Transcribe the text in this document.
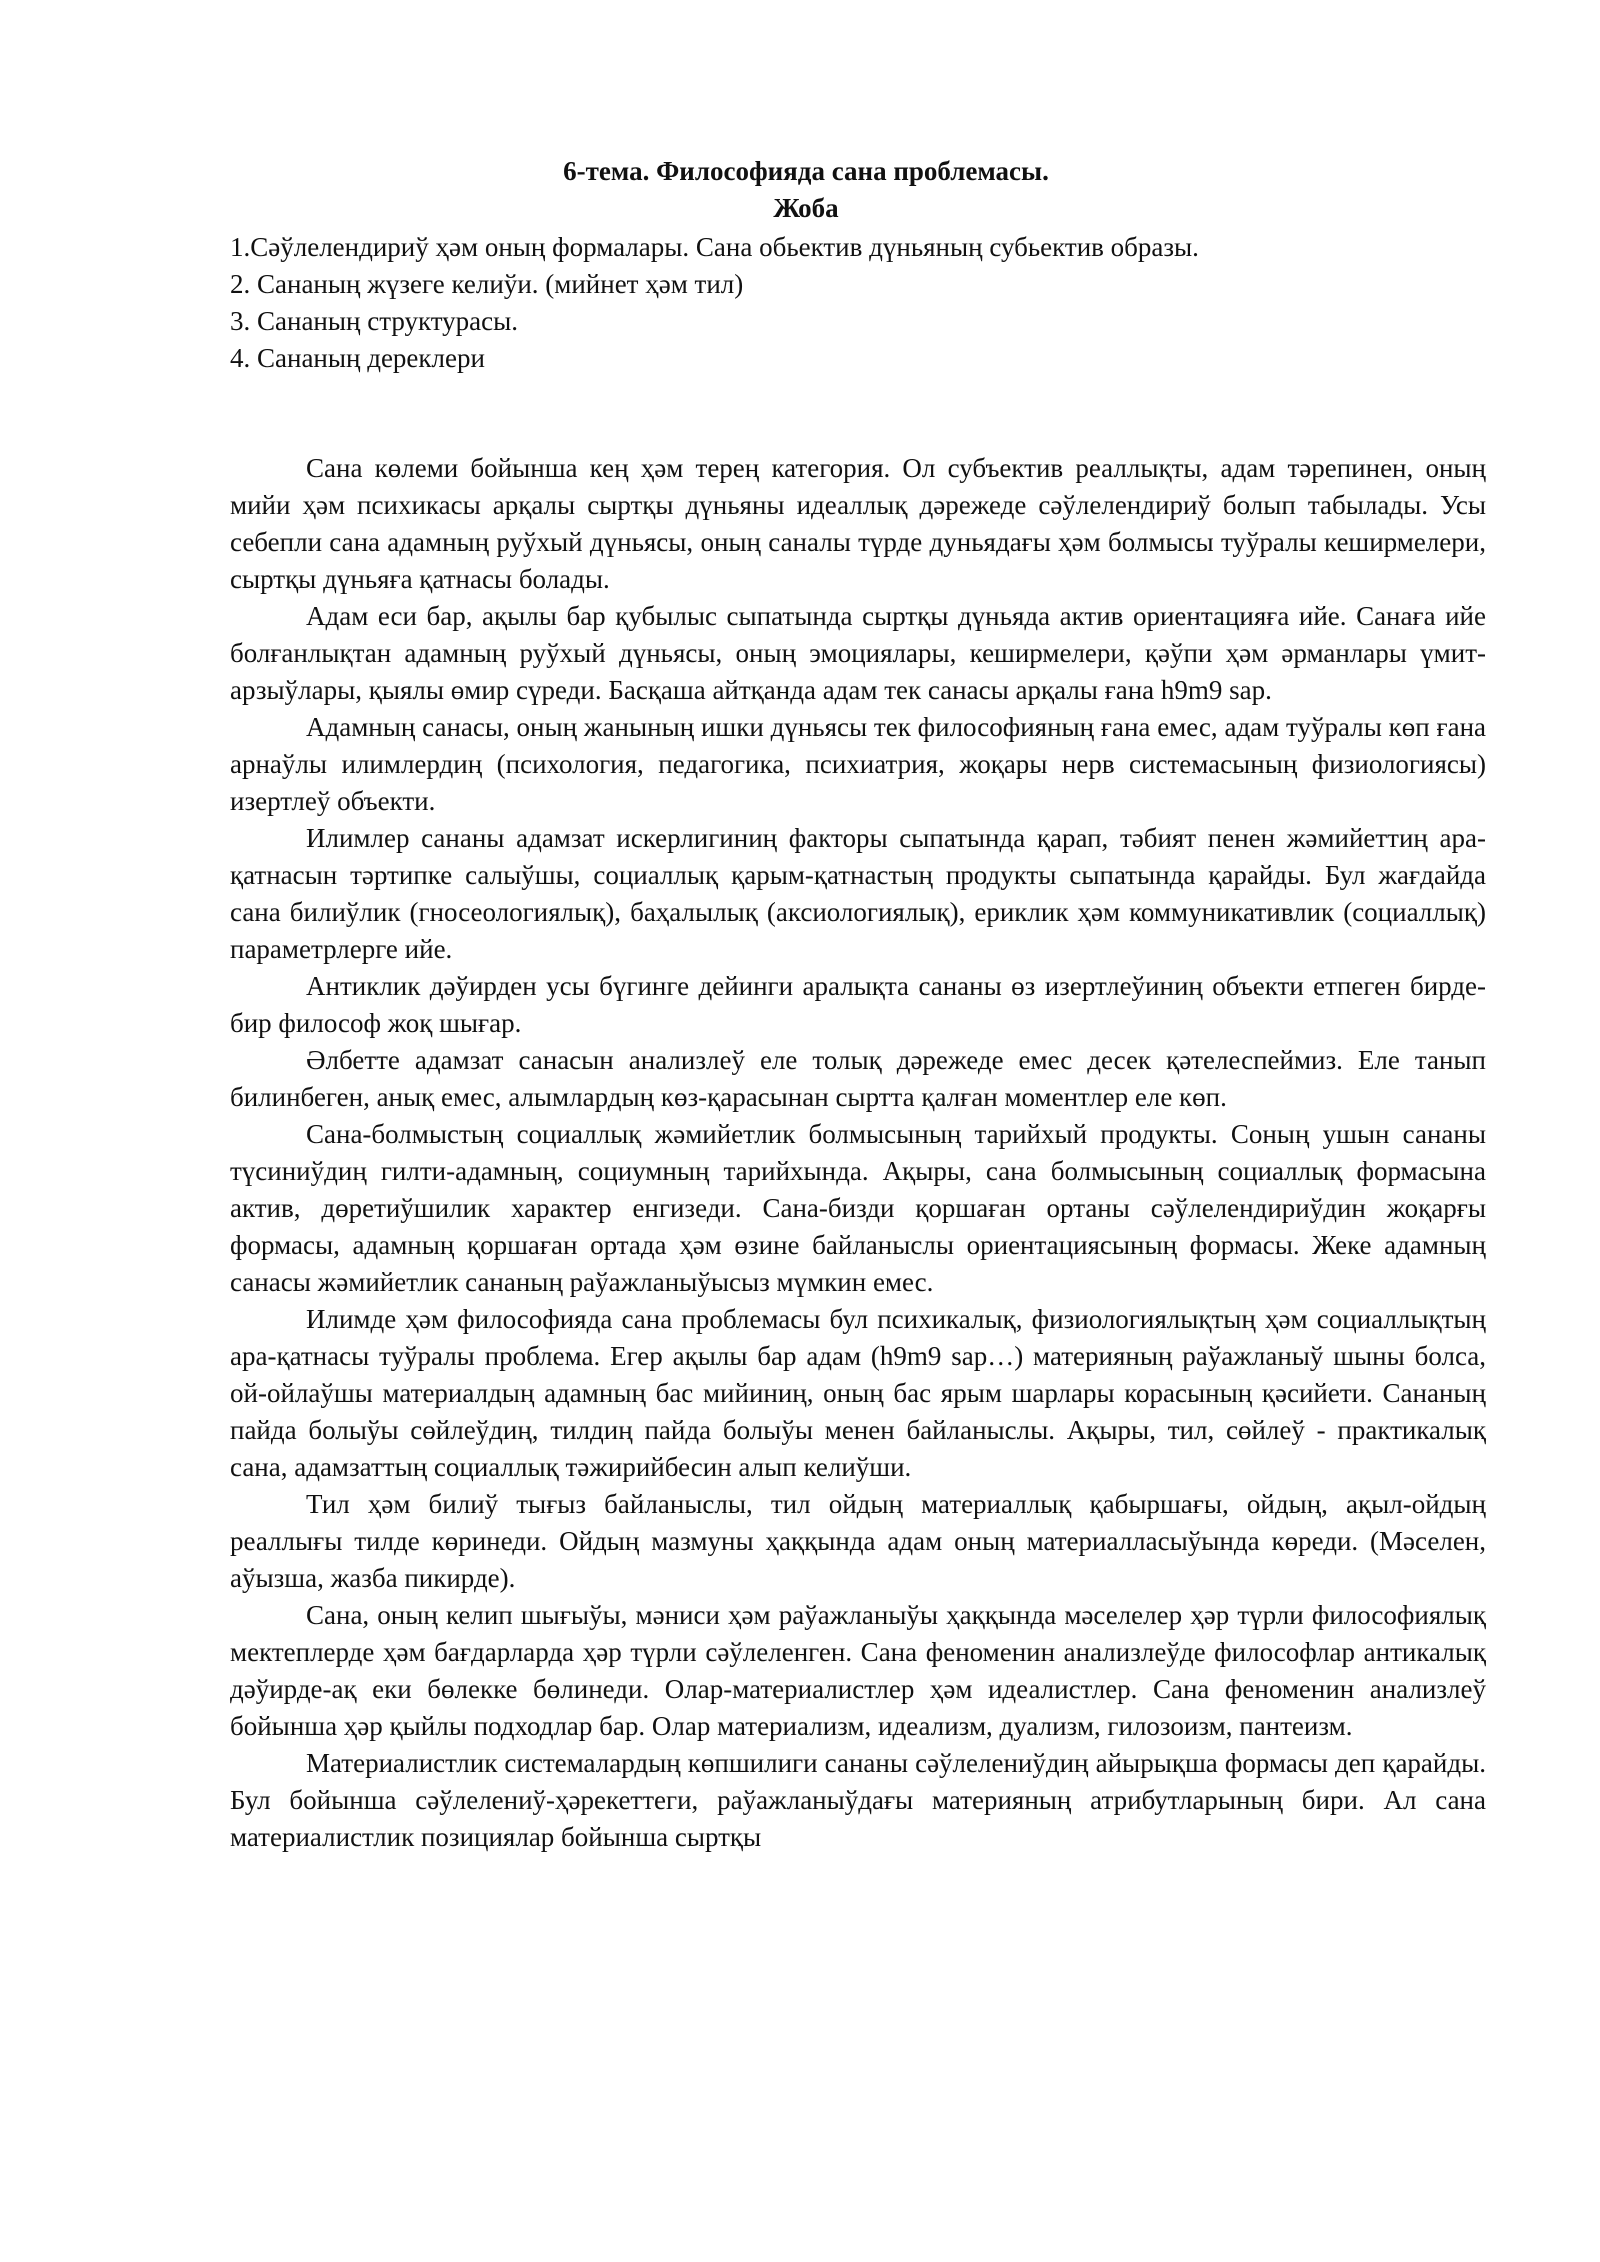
6-тема. Философияда сана проблемасы.
Жоба

1.Сәўлелендириў ҳәм оның формалары. Сана обьектив дүньяның субьектив образы.

2. Сананың жүзеге келиўи. (мийнет ҳәм тил)

3. Сананың структурасы.

4. Сананың дереклери

Сана көлеми бойынша кең ҳәм терең категория. Ол субъектив реаллықты, адам тәрепинен, оның мийи ҳәм психикасы арқалы сыртқы дүньяны идеаллық дәрежеде сәўлелендириў болып табылады. Усы себепли сана адамның руўхый дүньясы, оның саналы түрде дуньядағы ҳәм болмысы туўралы кеширмелери, сыртқы дүньяға қатнасы болады.

Адам еси бар, ақылы бар қубылыс сыпатында сыртқы дүньяда актив ориентацияға ийе. Санаға ийе болғанлықтан адамның руўхый дүньясы, оның эмоциялары, кеширмелери, қәўпи ҳәм әрманлары үмит-арзыўлары, қыялы өмир сүреди. Басқаша айтқанда адам тек санасы арқалы ғана h9m9 sap.

Адамның санасы, оның жанының ишки дүньясы тек философияның ғана емес, адам туўралы көп ғана арнаўлы илимлердиң (психология, педагогика, психиатрия, жоқары нерв системасының физиологиясы) изертлеў объекти.

Илимлер сананы адамзат искерлигиниң факторы сыпатында қарап, тәбият пенен жәмийеттиң ара-қатнасын тәртипке салыўшы, социаллық қарым-қатнастың продукты сыпатында қарайды. Бул жағдайда сана билиўлик (гносеологиялық), баҳалылық (аксиологиялық), ериклик ҳәм коммуникативлик (социаллық) параметрлерге ийе.

Антиклик дәўирден усы бүгинге дейинги аралықта сананы өз изертлеўиниң объекти етпеген бирде-бир философ жоқ шығар.

Әлбетте адамзат санасын анализлеў еле толық дәрежеде емес десек қәтелеспеймиз. Еле танып билинбеген, анық емес, алымлардың көз-қарасынан сыртта қалған моментлер еле көп.

Сана-болмыстың социаллық жәмийетлик болмысының тарийхый продукты. Соның ушын сананы түсиниўдиң гилти-адамның, социумның тарийхында. Ақыры, сана болмысының социаллық формасына актив, дөретиўшилик характер енгизеди. Сана-бизди қоршаған ортаны сәўлелендириўдин жоқарғы формасы, адамның қоршаған ортада ҳәм өзине байланыслы ориентациясының формасы. Жеке адамның санасы жәмийетлик сананың раўажланыўысыз мүмкин емес.

Илимде ҳәм философияда сана проблемасы бул психикалық, физиологиялықтың ҳәм социаллықтың ара-қатнасы туўралы проблема. Егер ақылы бар адам (h9m9 sap…) материяның раўажланыў шыны болса, ой-ойлаўшы материалдың адамның бас мийиниң, оның бас ярым шарлары корасының қәсийети. Сананың пайда болыўы сөйлеўдиң, тилдиң пайда болыўы менен байланыслы. Ақыры, тил, сөйлеў - практикалық сана, адамзаттың социаллық тәжирийбесин алып келиўши.

Тил ҳәм билиў тығыз байланыслы, тил ойдың материаллық қабыршағы, ойдың, ақыл-ойдың реаллығы тилде көринеди. Ойдың мазмуны ҳаққында адам оның материалласыўында көреди. (Мәселен, аўызша, жазба пикирде).

Сана, оның келип шығыўы, мәниси ҳәм раўажланыўы ҳаққында мәселелер ҳәр түрли философиялық мектеплерде ҳәм бағдарларда ҳәр түрли сәўлеленген. Сана феноменин анализлеўде философлар антикалық дәўирде-ақ еки бөлекке бөлинеди. Олар-материалистлер ҳәм идеалистлер. Сана феноменин анализлеў бойынша ҳәр қыйлы подходлар бар. Олар материализм, идеализм, дуализм, гилозоизм, пантеизм.

Материалистлик системалардың көпшилиги сананы сәўлелениўдиң айырықша формасы деп қарайды. Бул бойынша сәўлелениў-ҳәрекеттеги, раўажланыўдағы материяның атрибутларының бири. Ал сана материалистлик позициялар бойынша сыртқы
